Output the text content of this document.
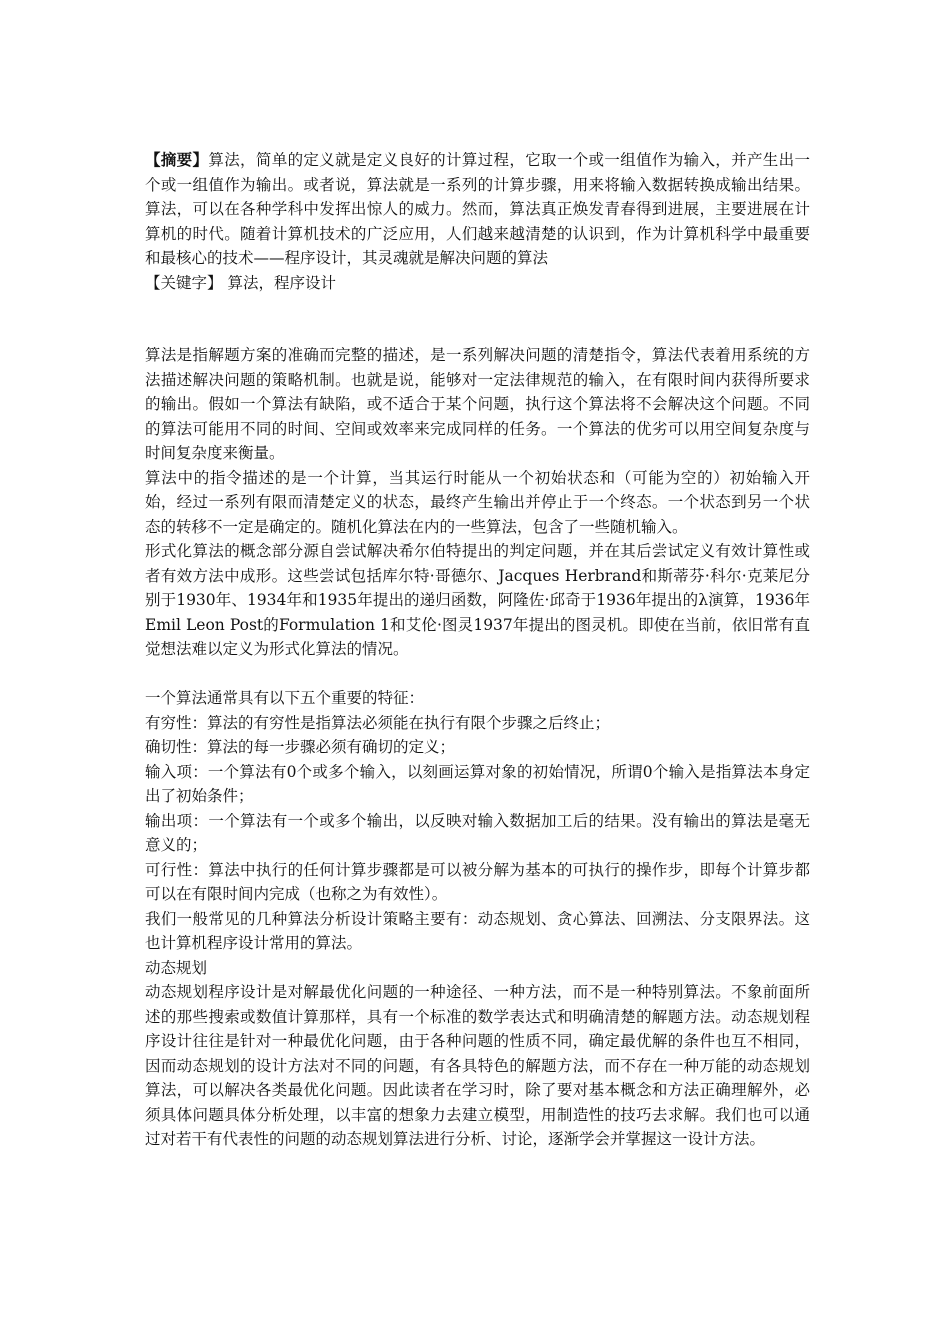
【摘要】算法，简单的定义就是定义良好的计算过程，它取一个或一组值作为输入，并产生出一个或一组值作为输出。或者说，算法就是一系列的计算步骤，用来将输入数据转换成输出结果。算法，可以在各种学科中发挥出惊人的威力。然而，算法真正焕发青春得到进展，主要进展在计算机的时代。随着计算机技术的广泛应用，人们越来越清楚的认识到，作为计算机科学中最重要和最核心的技术——程序设计，其灵魂就是解决问题的算法

【关键字】 算法，程序设计

算法是指解题方案的准确而完整的描述，是一系列解决问题的清楚指令，算法代表着用系统的方法描述解决问题的策略机制。也就是说，能够对一定法律规范的输入，在有限时间内获得所要求的输出。假如一个算法有缺陷，或不适合于某个问题，执行这个算法将不会解决这个问题。不同的算法可能用不同的时间、空间或效率来完成同样的任务。一个算法的优劣可以用空间复杂度与时间复杂度来衡量。

算法中的指令描述的是一个计算，当其运行时能从一个初始状态和（可能为空的）初始输入开始，经过一系列有限而清楚定义的状态，最终产生输出并停止于一个终态。一个状态到另一个状态的转移不一定是确定的。随机化算法在内的一些算法，包含了一些随机输入。

形式化算法的概念部分源自尝试解决希尔伯特提出的判定问题，并在其后尝试定义有效计算性或者有效方法中成形。这些尝试包括库尔特·哥德尔、Jacques Herbrand和斯蒂芬·科尔·克莱尼分别于1930年、1934年和1935年提出的递归函数，阿隆佐·邱奇于1936年提出的λ演算，1936年Emil Leon Post的Formulation 1和艾伦·图灵1937年提出的图灵机。即使在当前，依旧常有直觉想法难以定义为形式化算法的情况。

一个算法通常具有以下五个重要的特征：

有穷性：算法的有穷性是指算法必须能在执行有限个步骤之后终止；

确切性：算法的每一步骤必须有确切的定义；

输入项：一个算法有0个或多个输入，以刻画运算对象的初始情况，所谓0个输入是指算法本身定出了初始条件；

输出项：一个算法有一个或多个输出，以反映对输入数据加工后的结果。没有输出的算法是毫无意义的；

可行性：算法中执行的任何计算步骤都是可以被分解为基本的可执行的操作步，即每个计算步都可以在有限时间内完成（也称之为有效性）。

我们一般常见的几种算法分析设计策略主要有：动态规划、贪心算法、回溯法、分支限界法。这也计算机程序设计常用的算法。

动态规划

动态规划程序设计是对解最优化问题的一种途径、一种方法，而不是一种特别算法。不象前面所述的那些搜索或数值计算那样，具有一个标准的数学表达式和明确清楚的解题方法。动态规划程序设计往往是针对一种最优化问题，由于各种问题的性质不同，确定最优解的条件也互不相同，因而动态规划的设计方法对不同的问题，有各具特色的解题方法，而不存在一种万能的动态规划算法，可以解决各类最优化问题。因此读者在学习时，除了要对基本概念和方法正确理解外，必须具体问题具体分析处理，以丰富的想象力去建立模型，用制造性的技巧去求解。我们也可以通过对若干有代表性的问题的动态规划算法进行分析、讨论，逐渐学会并掌握这一设计方法。
